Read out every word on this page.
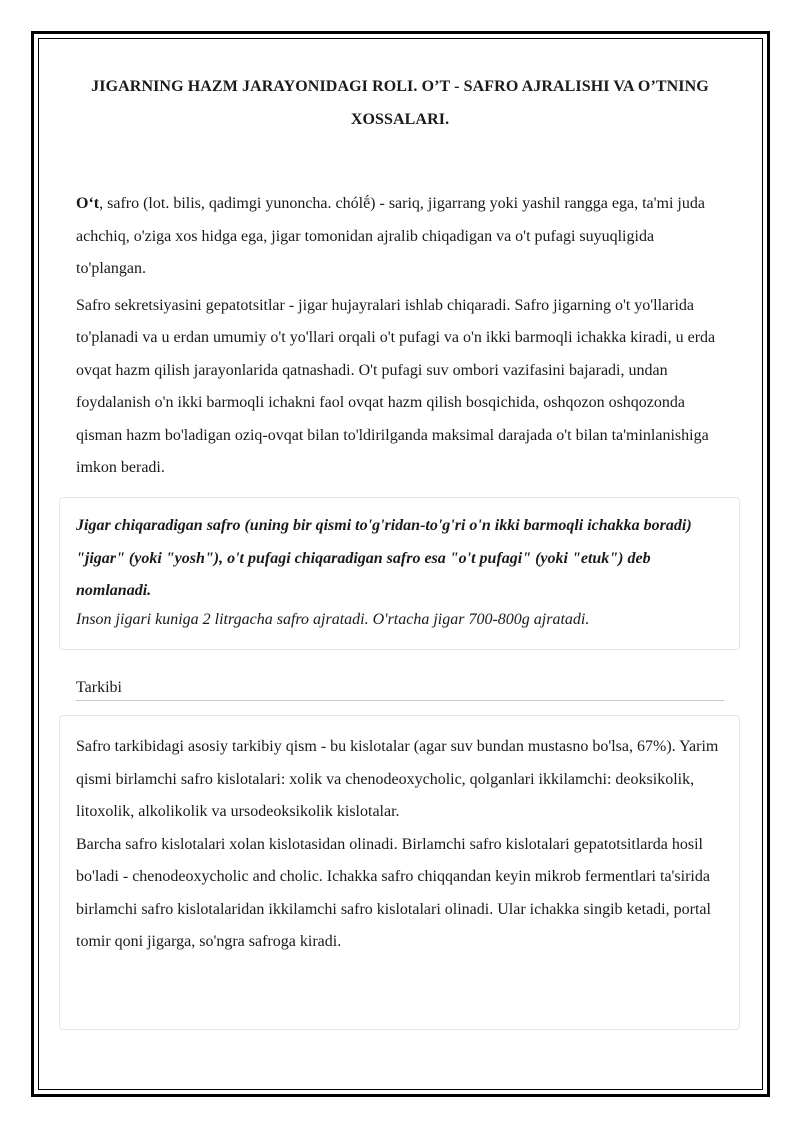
JIGARNING HAZM JARAYONIDAGI ROLI. O’T - SAFRO AJRALISHI VA O’TNING XOSSALARI.

O‘t, safro (lot. bilis, qadimgi yunoncha. chólḗ) - sariq, jigarrang yoki yashil rangga ega, ta'mi juda achchiq, o'ziga xos hidga ega, jigar tomonidan ajralib chiqadigan va o't pufagi suyuqligida to'plangan.

Safro sekretsiyasini gepatotsitlar - jigar hujayralari ishlab chiqaradi. Safro jigarning o't yo'llarida to'planadi va u erdan umumiy o't yo'llari orqali o't pufagi va o'n ikki barmoqli ichakka kiradi, u erda ovqat hazm qilish jarayonlarida qatnashadi. O't pufagi suv ombori vazifasini bajaradi, undan foydalanish o'n ikki barmoqli ichakni faol ovqat hazm qilish bosqichida, oshqozon oshqozonda qisman hazm bo'ladigan oziq-ovqat bilan to'ldirilganda maksimal darajada o't bilan ta'minlanishiga imkon beradi.

Jigar chiqaradigan safro (uning bir qismi to'g'ridan-to'g'ri o'n ikki barmoqli ichakka boradi) "jigar" (yoki "yosh"), o't pufagi chiqaradigan safro esa "o't pufagi" (yoki "etuk") deb nomlanadi.

Inson jigari kuniga 2 litrgacha safro ajratadi. O'rtacha jigar 700-800g ajratadi.

Tarkibi

Safro tarkibidagi asosiy tarkibiy qism - bu kislotalar (agar suv bundan mustasno bo'lsa, 67%). Yarim qismi birlamchi safro kislotalari: xolik va chenodeoxycholic, qolganlari ikkilamchi: deoksikolik, litoxolik, alkolikolik va ursodeoksikolik kislotalar.

Barcha safro kislotalari xolan kislotasidan olinadi. Birlamchi safro kislotalari gepatotsitlarda hosil bo'ladi - chenodeoxycholic and cholic. Ichakka safro chiqqandan keyin mikrob fermentlari ta'sirida birlamchi safro kislotalaridan ikkilamchi safro kislotalari olinadi. Ular ichakka singib ketadi, portal tomir qoni jigarga, so'ngra safroga kiradi.
